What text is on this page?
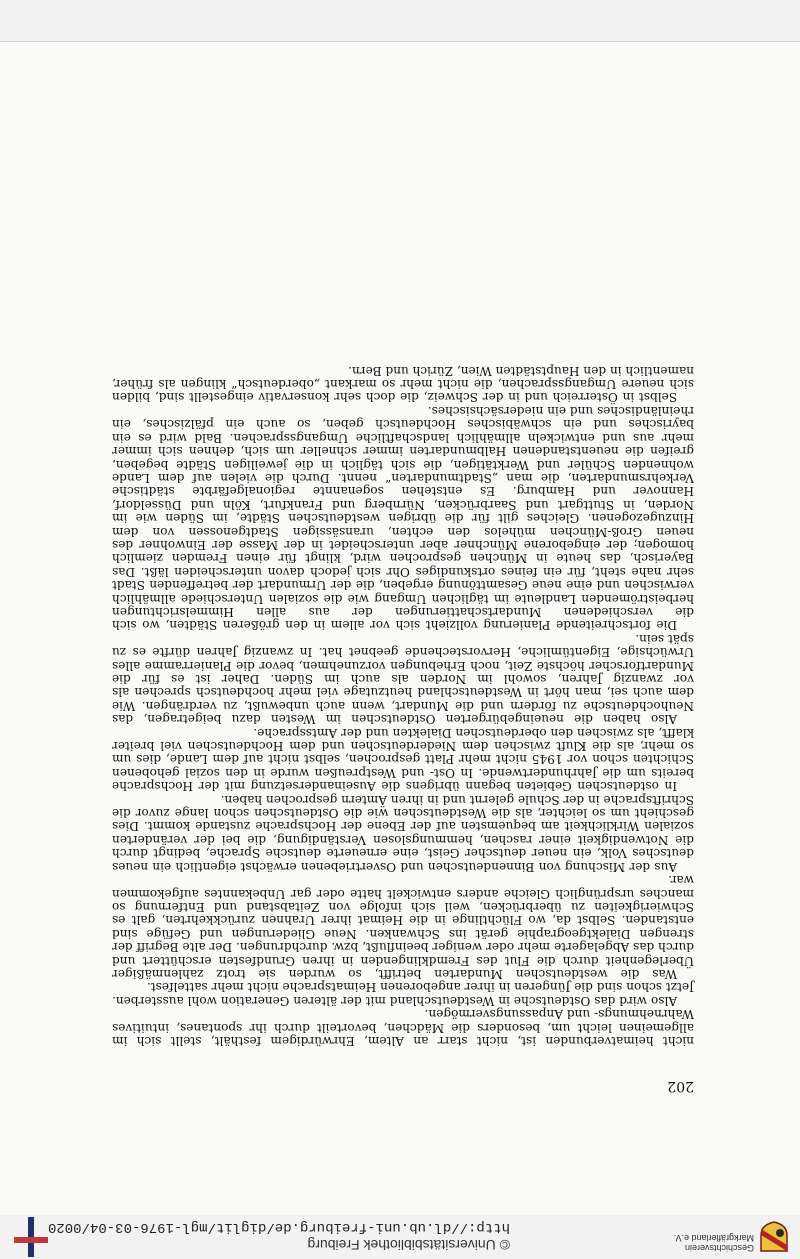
Geschichtsverein
Markgräflerland e.V.
© Universitätsbibliothek Freiburg
http://dl.ub.uni-freiburg.de/diglit/mgl-1976-03-04/0020
202

nicht heimatverbunden ist, nicht starr an Altem, Ehrwürdigem festhält, stellt sich im allgemeinen leicht um, besonders die Mädchen, bevorteilt durch ihr spontanes, intuitives Wahrnehmungs- und Anpassungsvermögen.

Also wird das Ostdeutsche in Westdeutschland mit der älteren Generation wohl aussterben. Jetzt schon sind die Jüngeren in ihrer angeborenen Heimatsprache nicht mehr sattelfest.

Was die westdeutschen Mundarten betrifft, so wurden sie trotz zahlenmäßiger Überlegenheit durch die Flut des Fremdklingenden in ihren Grundfesten erschüttert und durch das Abgelagerte mehr oder weniger beeinflußt, bzw. durchdrungen. Der alte Begriff der strengen Dialektgeographie gerät ins Schwanken. Neue Gliederungen und Gefüge sind entstanden. Selbst da, wo Flüchtlinge in die Heimat ihrer Urahnen zurückkehrten, galt es Schwierigkeiten zu überbrücken, weil sich infolge von Zeitabstand und Entfernung so manches ursprünglich Gleiche anders entwickelt hatte oder gar Unbekanntes aufgekommen war.

Aus der Mischung von Binnendeutschen und Osvertriebenen erwächst eigentlich ein neues deutsches Volk, ein neuer deutscher Geist, eine erneuerte deutsche Sprache, bedingt durch die Notwendigkeit einer raschen, hemmungslosen Verständigung, die bei der veränderten sozialen Wirklichkeit am bequemsten auf der Ebene der Hochsprache zustande kommt. Dies geschieht um so leichter, als die Westdeutschen wie die Ostdeutschen schon lange zuvor die Schriftsprache in der Schule gelernt und in ihren Ämtern gesprochen haben.

In ostdeutschen Gebieten begann übrigens die Auseinandersetzung mit der Hochsprache bereits um die Jahrhundertwende. In Ost- und Westpreußen wurde in den sozial gehobenen Schichten schon vor 1945 nicht mehr Platt gesprochen, selbst nicht auf dem Lande, dies um so mehr, als die Kluft zwischen dem Niederdeutschen und dem Hochdeutschen viel breiter klafft, als zwischen den oberdeutschen Dialekten und der Amtssprache.

Also haben die neueingebürgerten Ostdeutschen im Westen dazu beigetragen, das Neuhochdeutsche zu fördern und die Mundart, wenn auch unbewußt, zu verdrängen. Wie dem auch sei, man hört in Westdeutschland heutzutage viel mehr hochdeutsch sprechen als vor zwanzig Jahren, sowohl im Norden als auch im Süden. Daher ist es für die Mundartforscher höchste Zeit, noch Erhebungen vorzunehmen, bevor die Planierramme alles Urwüchsige, Eigentümliche, Hervorstechende geebnet hat. In zwanzig Jahren dürfte es zu spät sein.

Die fortschreitende Planierung vollzieht sich vor allem in den größeren Städten, wo sich die verschiedenen Mundartschattierungen der aus allen Himmelsrichtungen herbeiströmenden Landleute im täglichen Umgang wie die sozialen Unterschiede allmählich verwischen und eine neue Gesamttönung ergeben, die der Urmundart der betreffenden Stadt sehr nahe steht, für ein feines ortskundiges Ohr sich jedoch davon unterscheiden läßt. Das Bayerisch, das heute in München gesprochen wird, klingt für einen Fremden ziemlich homogen; der eingeborene Münchner aber unterscheidet in der Masse der Einwohner des neuen Groß-München mühelos den echten, uransässigen Stadtgenossen von dem Hinzugezogenen. Gleiches gilt für die übrigen westdeutschen Städte, im Süden wie im Norden, in Stuttgart und Saarbrücken, Nürnberg und Frankfurt, Köln und Düsseldorf, Hannover und Hamburg. Es entstehen sogenannte regionalgefärbte städtische Verkehrsmundarten, die man „Stadtmundarten“ nennt. Durch die vielen auf dem Lande wohnenden Schüler und Werktätigen, die sich täglich in die jeweiligen Städte begeben, greifen die neuentstandenen Halbmundarten immer schneller um sich, dehnen sich immer mehr aus und entwickeln allmählich landschaftliche Umgangssprachen. Bald wird es ein bayrisches und ein schwäbisches Hochdeutsch geben, so auch ein pfälzisches, ein rheinländisches und ein niedersächsisches.

Selbst in Österreich und in der Schweiz, die doch sehr konservativ eingestellt sind, bilden sich neuere Umgangssprachen, die nicht mehr so markant „oberdeutsch“ klingen als früher, namentlich in den Hauptstädten Wien, Zürich und Bern.
